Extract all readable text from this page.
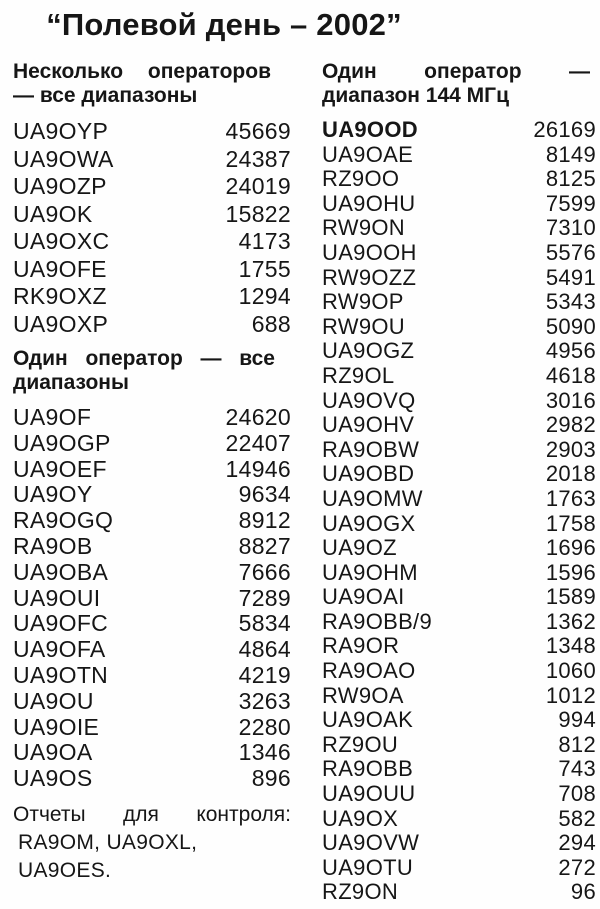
“Полевой день – 2002”
Несколько операторов — все диапазоны
UA9OYP	45669
UA9OWA	24387
UA9OZP	24019
UA9OK	15822
UA9OXC	4173
UA9OFE	1755
RK9OXZ	1294
UA9OXP	688
Один оператор — все диапазоны
UA9OF	24620
UA9OGP	22407
UA9OEF	14946
UA9OY	9634
RA9OGQ	8912
RA9OB	8827
UA9OBA	7666
UA9OUI	7289
UA9OFC	5834
UA9OFA	4864
UA9OTN	4219
UA9OU	3263
UA9OIE	2280
UA9OA	1346
UA9OS	896
Отчеты для контроля:
RA9OM, UA9OXL,
UA9OES.
Один оператор — диапазон 144 МГц
UA9OOD	26169
UA9OAE	8149
RZ9OO	8125
UA9OHU	7599
RW9ON	7310
UA9OOH	5576
RW9OZZ	5491
RW9OP	5343
RW9OU	5090
UA9OGZ	4956
RZ9OL	4618
UA9OVQ	3016
UA9OHV	2982
RA9OBW	2903
UA9OBD	2018
UA9OMW	1763
UA9OGX	1758
UA9OZ	1696
UA9OHM	1596
UA9OAI	1589
RA9OBB/9	1362
RA9OR	1348
RA9OAO	1060
RW9OA	1012
UA9OAK	994
RZ9OU	812
RA9OBB	743
UA9OUU	708
UA9OX	582
UA9OVW	294
UA9OTU	272
RZ9ON	96
